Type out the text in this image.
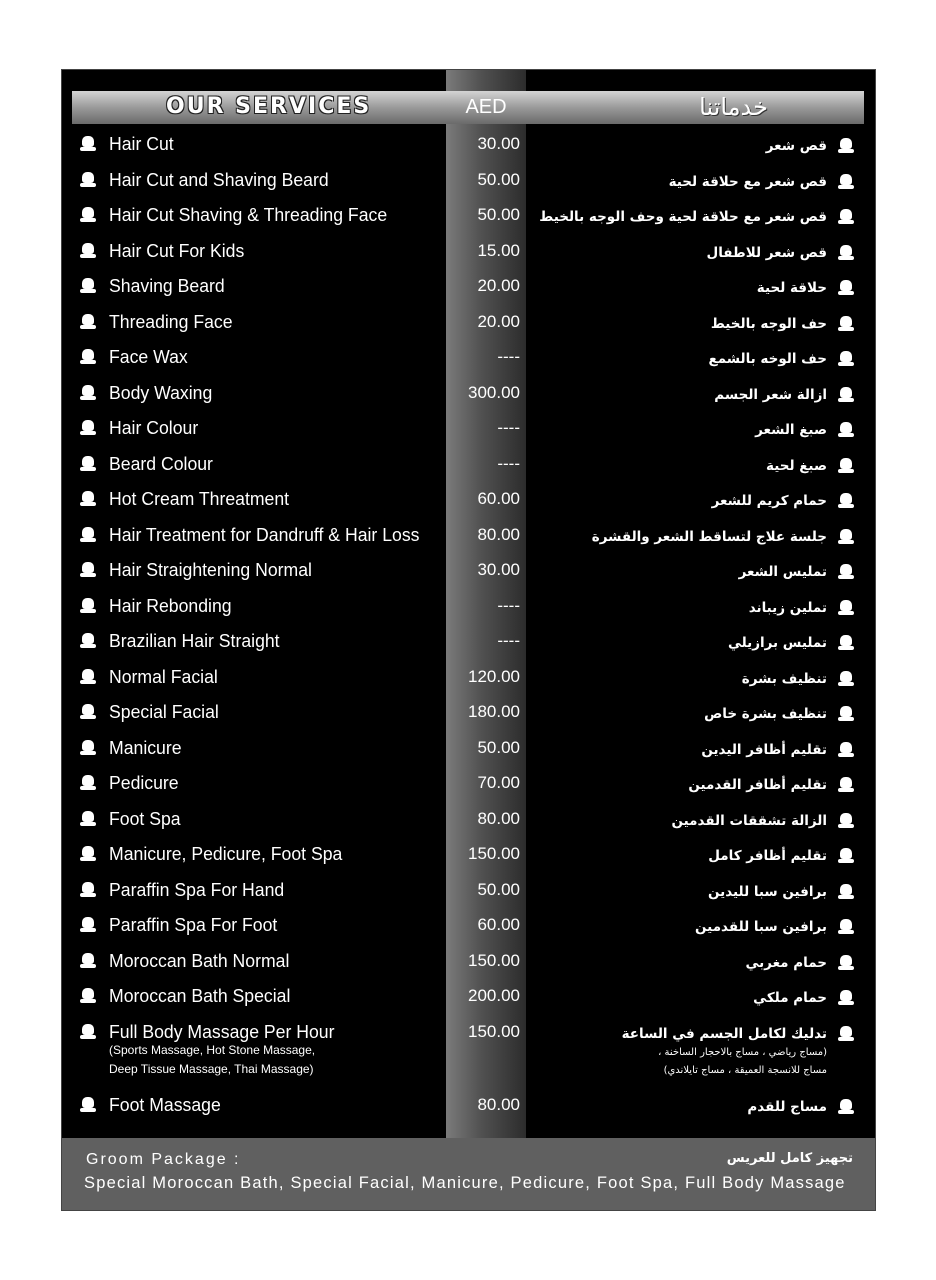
OUR SERVICES	AED	خدماتنا
Hair Cut	30.00	قص شعر
Hair Cut and Shaving Beard	50.00	قص شعر مع حلاقة لحية
Hair Cut Shaving & Threading Face	50.00 قص شعر مع حلاقة لحية وحف الوجه بالخيط
Hair Cut For Kids	15.00	قص شعر للاطفال
Shaving Beard	20.00	حلاقة لحية
Threading Face	20.00	حف الوجه بالخيط
Face Wax	----	حف الوخه بالشمع
Body Waxing	300.00	ازالة شعر الجسم
Hair Colour	----	صبغ الشعر
Beard Colour	----	صبغ لحية
Hot Cream Threatment	60.00	حمام كريم للشعر
Hair Treatment for Dandruff & Hair Loss	80.00	جلسة علاج لتساقط الشعر والقشرة
Hair Straightening Normal	30.00	تمليس الشعر
Hair Rebonding	----	تملين زيباند
Brazilian Hair Straight	----	تمليس برازيلي
Normal Facial	120.00	تنظيف بشرة
Special Facial	180.00	تنظيف بشرة خاص
Manicure	50.00	تقليم أظافر اليدين
Pedicure	70.00	تقليم أظافر القدمين
Foot Spa	80.00	الزالة تشققات القدمين
Manicure, Pedicure, Foot Spa	150.00	تقليم أظافر كامل
Paraffin Spa For Hand	50.00	برافين سبا لليدين
Paraffin Spa For Foot	60.00	برافين سبا للقدمين
Moroccan Bath Normal	150.00	حمام مغربي
Moroccan Bath Special	200.00	حمام ملكي
Full Body Massage Per Hour	150.00	تدليك لكامل الجسم في الساعة
(Sports Massage, Hot Stone Massage,
Deep Tissue Massage, Thai Massage)
(مساج رياضي ، مساج بالاحجار الساخنة ،
مساج للانسجة العميقة ، مساج تايلاندي)
Foot Massage	80.00	مساج للقدم
Groom Package :	تجهيز كامل للعريس
Special Moroccan Bath, Special Facial, Manicure, Pedicure, Foot Spa, Full Body Massage
